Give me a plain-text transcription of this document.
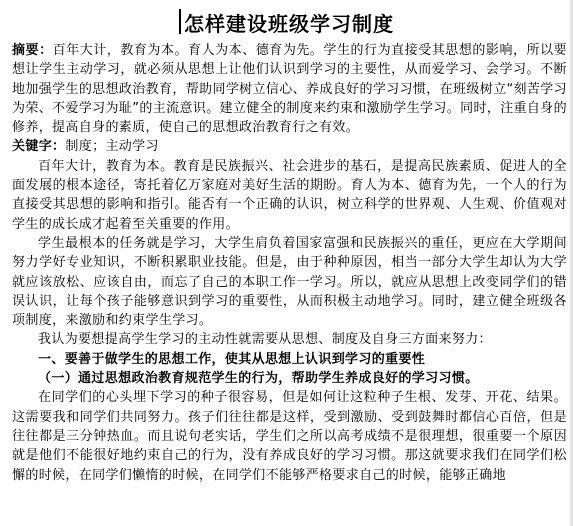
怎样建设班级学习制度

摘要：百年大计，教育为本。育人为本、德育为先。学生的行为直接受其思想的影响，所以要想让学生主动学习，就必须从思想上让他们认识到学习的主要性，从而爱学习、会学习。不断地加强学生的思想政治教育，帮助同学树立信心、养成良好的学习习惯，在班级树立“刻苦学习为荣、不爱学习为耻”的主流意识。建立健全的制度来约束和激励学生学习。同时，注重自身的修养，提高自身的素质，使自己的思想政治教育行之有效。

关键字：制度；主动学习

百年大计，教育为本。教育是民族振兴、社会进步的基石，是提高民族素质、促进人的全面发展的根本途径，寄托着亿万家庭对美好生活的期盼。育人为本、德育为先，一个人的行为直接受其思想的影响和指引。能否有一个正确的认识，树立科学的世界观、人生观、价值观对学生的成长成才起着至关重要的作用。

学生最根本的任务就是学习，大学生肩负着国家富强和民族振兴的重任，更应在大学期间努力学好专业知识，不断积累职业技能。但是，由于种种原因，相当一部分大学生却认为大学就应该放松、应该自由，而忘了自己的本职工作一学习。所以，就应从思想上改变同学们的错误认识，让每个孩子能够意识到学习的重要性，从而积极主动地学习。同时，建立健全班级各项制度，来激励和约束学生学习。

我认为要想提高学生学习的主动性就需要从思想、制度及自身三方面来努力：

一、要善于做学生的思想工作，使其从思想上认识到学习的重要性

（一）通过思想政治教育规范学生的行为，帮助学生养成良好的学习习惯。

在同学们的心头埋下学习的种子很容易，但是如何让这粒种子生根、发芽、开花、结果。这需要我和同学们共同努力。孩子们往往都是这样，受到激励、受到鼓舞时都信心百倍，但是往往都是三分钟热血。而且说句老实话，学生们之所以高考成绩不是很理想，很重要一个原因就是他们不能很好地约束自己的行为，没有养成良好的学习习惯。那这就要求我们在同学们松懈的时候，在同学们懒惰的时候，在同学们不能够严格要求自己的时候，能够正确地
